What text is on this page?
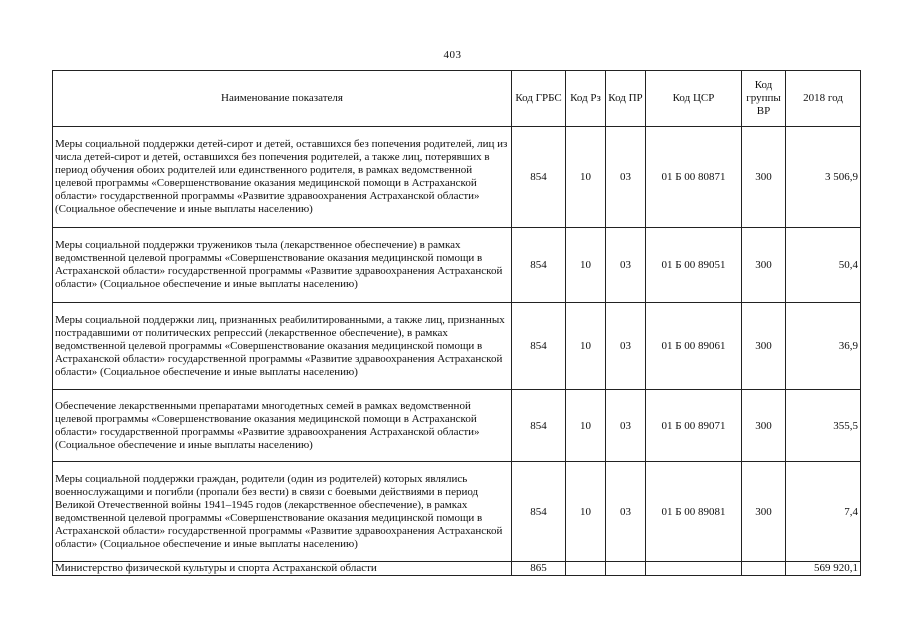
403
Наименование показателя	Код ГРБС	Код Рз	Код ПР	Код ЦСР	Код группы ВР	2018 год
Меры социальной поддержки детей-сирот и детей, оставшихся без попечения родителей, лиц из числа детей-сирот и детей, оставшихся без попечения родителей, а также лиц, потерявших в период обучения обоих родителей или единственного родителя, в рамках ведомственной целевой программы «Совершенствование оказания медицинской помощи в Астраханской области» государственной программы «Развитие здравоохранения Астраханской области» (Социальное обеспечение и иные выплаты населению)	854	10	03	01 Б 00 80871	300	3 506,9
Меры социальной поддержки тружеников тыла (лекарственное обеспечение) в рамках ведомственной целевой программы «Совершенствование оказания медицинской помощи в Астраханской области» государственной программы «Развитие здравоохранения Астраханской области» (Социальное обеспечение и иные выплаты населению)	854	10	03	01 Б 00 89051	300	50,4
Меры социальной поддержки лиц, признанных реабилитированными, а также лиц, признанных пострадавшими от политических репрессий (лекарственное обеспечение), в рамках ведомственной целевой программы «Совершенствование оказания медицинской помощи в Астраханской области» государственной программы «Развитие здравоохранения Астраханской области» (Социальное обеспечение и иные выплаты населению)	854	10	03	01 Б 00 89061	300	36,9
Обеспечение лекарственными препаратами многодетных семей в рамках ведомственной целевой программы «Совершенствование оказания медицинской помощи в Астраханской области» государственной программы «Развитие здравоохранения Астраханской области» (Социальное обеспечение и иные выплаты населению)	854	10	03	01 Б 00 89071	300	355,5
Меры социальной поддержки граждан, родители (один из родителей) которых являлись военнослужащими и погибли (пропали без вести) в связи с боевыми действиями в период Великой Отечественной войны 1941–1945 годов (лекарственное обеспечение), в рамках ведомственной целевой программы «Совершенствование оказания медицинской помощи в Астраханской области» государственной программы «Развитие здравоохранения Астраханской области» (Социальное обеспечение и иные выплаты населению)	854	10	03	01 Б 00 89081	300	7,4
Министерство физической культуры и спорта Астраханской области	865					569 920,1
